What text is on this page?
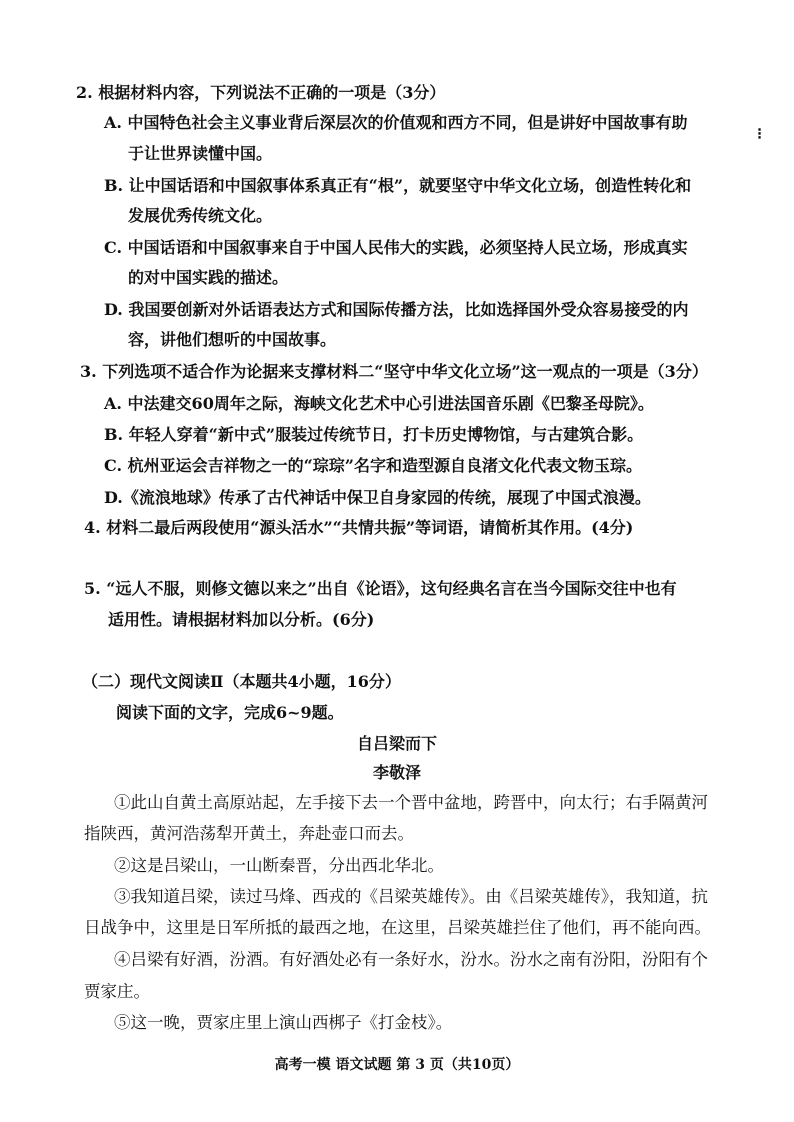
2. 根据材料内容，下列说法不正确的一项是（3分）
A. 中国特色社会主义事业背后深层次的价值观和西方不同，但是讲好中国故事有助
于让世界读懂中国。
B. 让中国话语和中国叙事体系真正有“根”，就要坚守中华文化立场，创造性转化和
发展优秀传统文化。
C. 中国话语和中国叙事来自于中国人民伟大的实践，必须坚持人民立场，形成真实
的对中国实践的描述。
D. 我国要创新对外话语表达方式和国际传播方法，比如选择国外受众容易接受的内
容，讲他们想听的中国故事。
3. 下列选项不适合作为论据来支撑材料二“坚守中华文化立场”这一观点的一项是（3分）
A. 中法建交60周年之际，海峡文化艺术中心引进法国音乐剧《巴黎圣母院》。
B. 年轻人穿着“新中式”服装过传统节日，打卡历史博物馆，与古建筑合影。
C. 杭州亚运会吉祥物之一的“琮琮”名字和造型源自良渚文化代表文物玉琮。
D.《流浪地球》传承了古代神话中保卫自身家园的传统，展现了中国式浪漫。
4. 材料二最后两段使用“源头活水”“共情共振”等词语，请简析其作用。(4分)
5. “远人不服，则修文德以来之”出自《论语》，这句经典名言在当今国际交往中也有
适用性。请根据材料加以分析。(6分)
（二）现代文阅读Ⅱ（本题共4小题，16分）
阅读下面的文字，完成6~9题。
自吕梁而下
李敬泽
①此山自黄土高原站起，左手接下去一个晋中盆地，跨晋中，向太行；右手隔黄河
指陕西，黄河浩荡犁开黄土，奔赴壶口而去。
②这是吕梁山，一山断秦晋，分出西北华北。
③我知道吕梁，读过马烽、西戎的《吕梁英雄传》。由《吕梁英雄传》，我知道，抗
日战争中，这里是日军所抵的最西之地，在这里，吕梁英雄拦住了他们，再不能向西。
④吕梁有好酒，汾酒。有好酒处必有一条好水，汾水。汾水之南有汾阳，汾阳有个
贾家庄。
⑤这一晚，贾家庄里上演山西梆子《打金枝》。
⁝
高考一模 语文试题 第 3 页（共10页）
